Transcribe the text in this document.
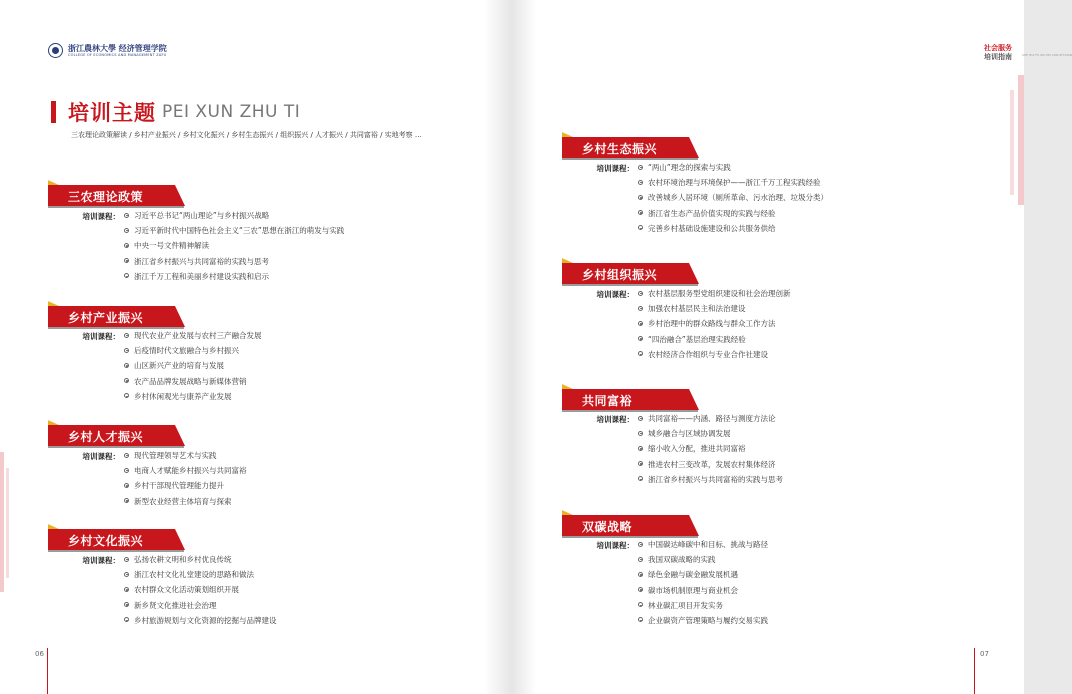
浙江農林大學 经济管理学院
COLLEGE OF ECONOMICS AND MANAGEMENT ZAFU
培训主题 PEI XUN ZHU TI
三农理论政策解读 / 乡村产业振兴 / 乡村文化振兴 / 乡村生态振兴 / 组织振兴 / 人才振兴 / 共同富裕 / 实地考察 …
06
社会服务
培训指南	SHE HUI FU WU PEI XUN ZHI NAN
07
三农理论政策
培训课程： 习近平总书记“两山理论”与乡村振兴战略
习近平新时代中国特色社会主义“三农”思想在浙江的萌发与实践
中央一号文件精神解读
浙江省乡村振兴与共同富裕的实践与思考
浙江千万工程和美丽乡村建设实践和启示
乡村产业振兴
培训课程： 现代农业产业发展与农村三产融合发展
后疫情时代文旅融合与乡村振兴
山区新兴产业的培育与发展
农产品品牌发展战略与新媒体营销
乡村休闲观光与康养产业发展
乡村人才振兴
培训课程： 现代管理领导艺术与实践
电商人才赋能乡村振兴与共同富裕
乡村干部现代管理能力提升
新型农业经营主体培育与探索
乡村文化振兴
培训课程： 弘扬农耕文明和乡村优良传统
浙江农村文化礼堂建设的思路和做法
农村群众文化活动策划组织开展
新乡贤文化推进社会治理
乡村旅游规划与文化资源的挖掘与品牌建设
乡村生态振兴
培训课程： “两山”理念的探索与实践
农村环境治理与环境保护——浙江千万工程实践经验
改善城乡人居环境（厕所革命、污水治理、垃圾分类）
浙江省生态产品价值实现的实践与经验
完善乡村基础设施建设和公共服务供给
乡村组织振兴
培训课程： 农村基层服务型党组织建设和社会治理创新
加强农村基层民主和法治建设
乡村治理中的群众路线与群众工作方法
“四治融合”基层治理实践经验
农村经济合作组织与专业合作社建设
共同富裕
培训课程： 共同富裕——内涵、路径与测度方法论
城乡融合与区域协调发展
缩小收入分配，推进共同富裕
推进农村三变改革，发展农村集体经济
浙江省乡村振兴与共同富裕的实践与思考
双碳战略
培训课程： 中国碳达峰碳中和目标、挑战与路径
我国双碳战略的实践
绿色金融与碳金融发展机遇
碳市场机制原理与商业机会
林业碳汇项目开发实务
企业碳资产管理策略与履约交易实践
